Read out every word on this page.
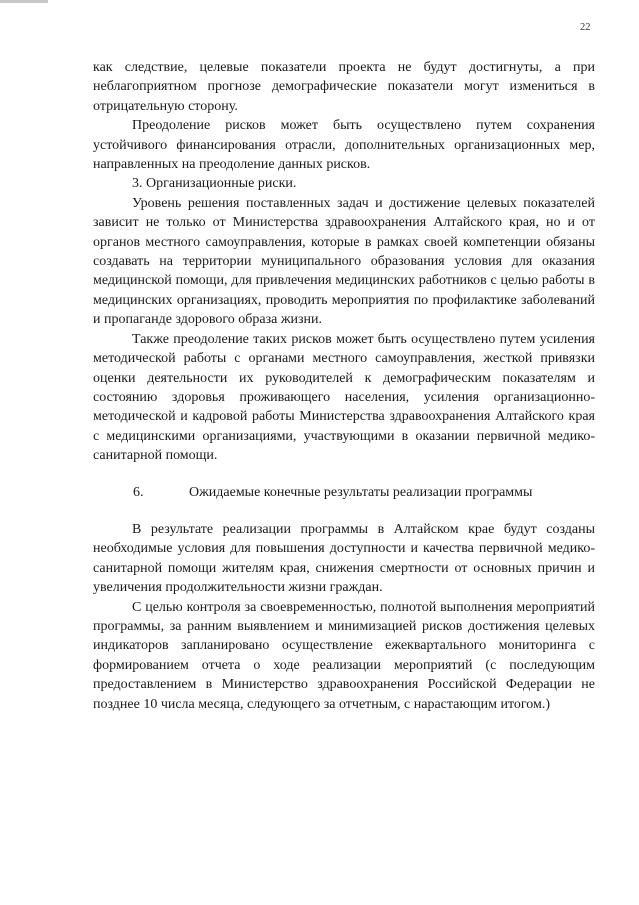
22

как следствие, целевые показатели проекта не будут достигнуты, а при неблагоприятном прогнозе демографические показатели могут измениться в отрицательную сторону.

Преодоление рисков может быть осуществлено путем сохранения устойчивого финансирования отрасли, дополнительных организационных мер, направленных на преодоление данных рисков.

3. Организационные риски.

Уровень решения поставленных задач и достижение целевых показателей зависит не только от Министерства здравоохранения Алтайского края, но и от органов местного самоуправления, которые в рамках своей компетенции обязаны создавать на территории муниципального образования условия для оказания медицинской помощи, для привлечения медицинских работников с целью работы в медицинских организациях, проводить мероприятия по профилактике заболеваний и пропаганде здорового образа жизни.

Также преодоление таких рисков может быть осуществлено путем усиления методической работы с органами местного самоуправления, жесткой привязки оценки деятельности их руководителей к демографическим показателям и состоянию здоровья проживающего населения, усиления организационно-методической и кадровой работы Министерства здравоохранения Алтайского края с медицинскими организациями, участвующими в оказании первичной медико-санитарной помощи.

6.	Ожидаемые конечные результаты реализации программы

В результате реализации программы в Алтайском крае будут созданы необходимые условия для повышения доступности и качества первичной медико-санитарной помощи жителям края, снижения смертности от основных причин и увеличения продолжительности жизни граждан.

С целью контроля за своевременностью, полнотой выполнения мероприятий программы, за ранним выявлением и минимизацией рисков достижения целевых индикаторов запланировано осуществление ежеквартального мониторинга с формированием отчета о ходе реализации мероприятий (с последующим предоставлением в Министерство здравоохранения Российской Федерации не позднее 10 числа месяца, следующего за отчетным, с нарастающим итогом.)
